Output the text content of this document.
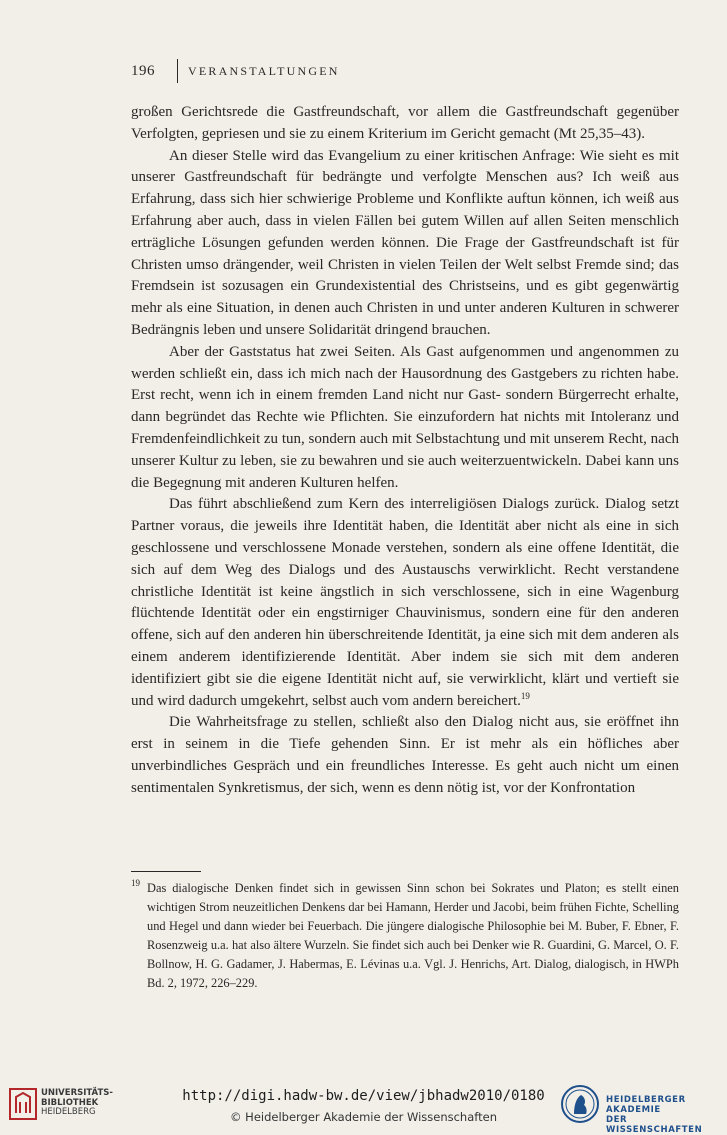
196	VERANSTALTUNGEN

großen Gerichtsrede die Gastfreundschaft, vor allem die Gastfreundschaft gegenüber Verfolgten, gepriesen und sie zu einem Kriterium im Gericht gemacht (Mt 25,35–43).

An dieser Stelle wird das Evangelium zu einer kritischen Anfrage: Wie sieht es mit unserer Gastfreundschaft für bedrängte und verfolgte Menschen aus? Ich weiß aus Erfahrung, dass sich hier schwierige Probleme und Konflikte auftun können, ich weiß aus Erfahrung aber auch, dass in vielen Fällen bei gutem Willen auf allen Seiten menschlich erträgliche Lösungen gefunden werden können. Die Frage der Gastfreundschaft ist für Christen umso drängender, weil Christen in vielen Teilen der Welt selbst Fremde sind; das Fremdsein ist sozusagen ein Grundexistential des Christseins, und es gibt gegenwärtig mehr als eine Situation, in denen auch Christen in und unter anderen Kulturen in schwerer Bedrängnis leben und unsere Solidarität dringend brauchen.

Aber der Gaststatus hat zwei Seiten. Als Gast aufgenommen und angenommen zu werden schließt ein, dass ich mich nach der Hausordnung des Gastgebers zu richten habe. Erst recht, wenn ich in einem fremden Land nicht nur Gast- sondern Bürgerrecht erhalte, dann begründet das Rechte wie Pflichten. Sie einzufordern hat nichts mit Intoleranz und Fremdenfeindlichkeit zu tun, sondern auch mit Selbstachtung und mit unserem Recht, nach unserer Kultur zu leben, sie zu bewahren und sie auch weiterzuentwickeln. Dabei kann uns die Begegnung mit anderen Kulturen helfen.

Das führt abschließend zum Kern des interreligiösen Dialogs zurück. Dialog setzt Partner voraus, die jeweils ihre Identität haben, die Identität aber nicht als eine in sich geschlossene und verschlossene Monade verstehen, sondern als eine offene Identität, die sich auf dem Weg des Dialogs und des Austauschs verwirklicht. Recht verstandene christliche Identität ist keine ängstlich in sich verschlossene, sich in eine Wagenburg flüchtende Identität oder ein engstirniger Chauvinismus, sondern eine für den anderen offene, sich auf den anderen hin überschreitende Identität, ja eine sich mit dem anderen als einem anderem identifizierende Identität. Aber indem sie sich mit dem anderen identifiziert gibt sie die eigene Identität nicht auf, sie verwirklicht, klärt und vertieft sie und wird dadurch umgekehrt, selbst auch vom andern bereichert.$^{19}$

Die Wahrheitsfrage zu stellen, schließt also den Dialog nicht aus, sie eröffnet ihn erst in seinem in die Tiefe gehenden Sinn. Er ist mehr als ein höfliches aber unverbindliches Gespräch und ein freundliches Interesse. Es geht auch nicht um einen sentimentalen Synkretismus, der sich, wenn es denn nötig ist, vor der Konfrontation

$^{19}$ Das dialogische Denken findet sich in gewissen Sinn schon bei Sokrates und Platon; es stellt einen wichtigen Strom neuzeitlichen Denkens dar bei Hamann, Herder und Jacobi, beim frühen Fichte, Schelling und Hegel und dann wieder bei Feuerbach. Die jüngere dialogische Philosophie bei M. Buber, F. Ebner, F. Rosenzweig u.a. hat also ältere Wurzeln. Sie findet sich auch bei Denker wie R. Guardini, G. Marcel, O. F. Bollnow, H. G. Gadamer, J. Habermas, E. Lévinas u.a. Vgl. J. Henrichs, Art. Dialog, dialogisch, in HWPh Bd. 2, 1972, 226–229.
UNIVERSITÄTS-
BIBLIOTHEK
HEIDELBERG
http://digi.hadw-bw.de/view/jbhadw2010/0180
© Heidelberger Akademie der Wissenschaften
HEIDELBERGER AKADEMIE
DER WISSENSCHAFTEN
